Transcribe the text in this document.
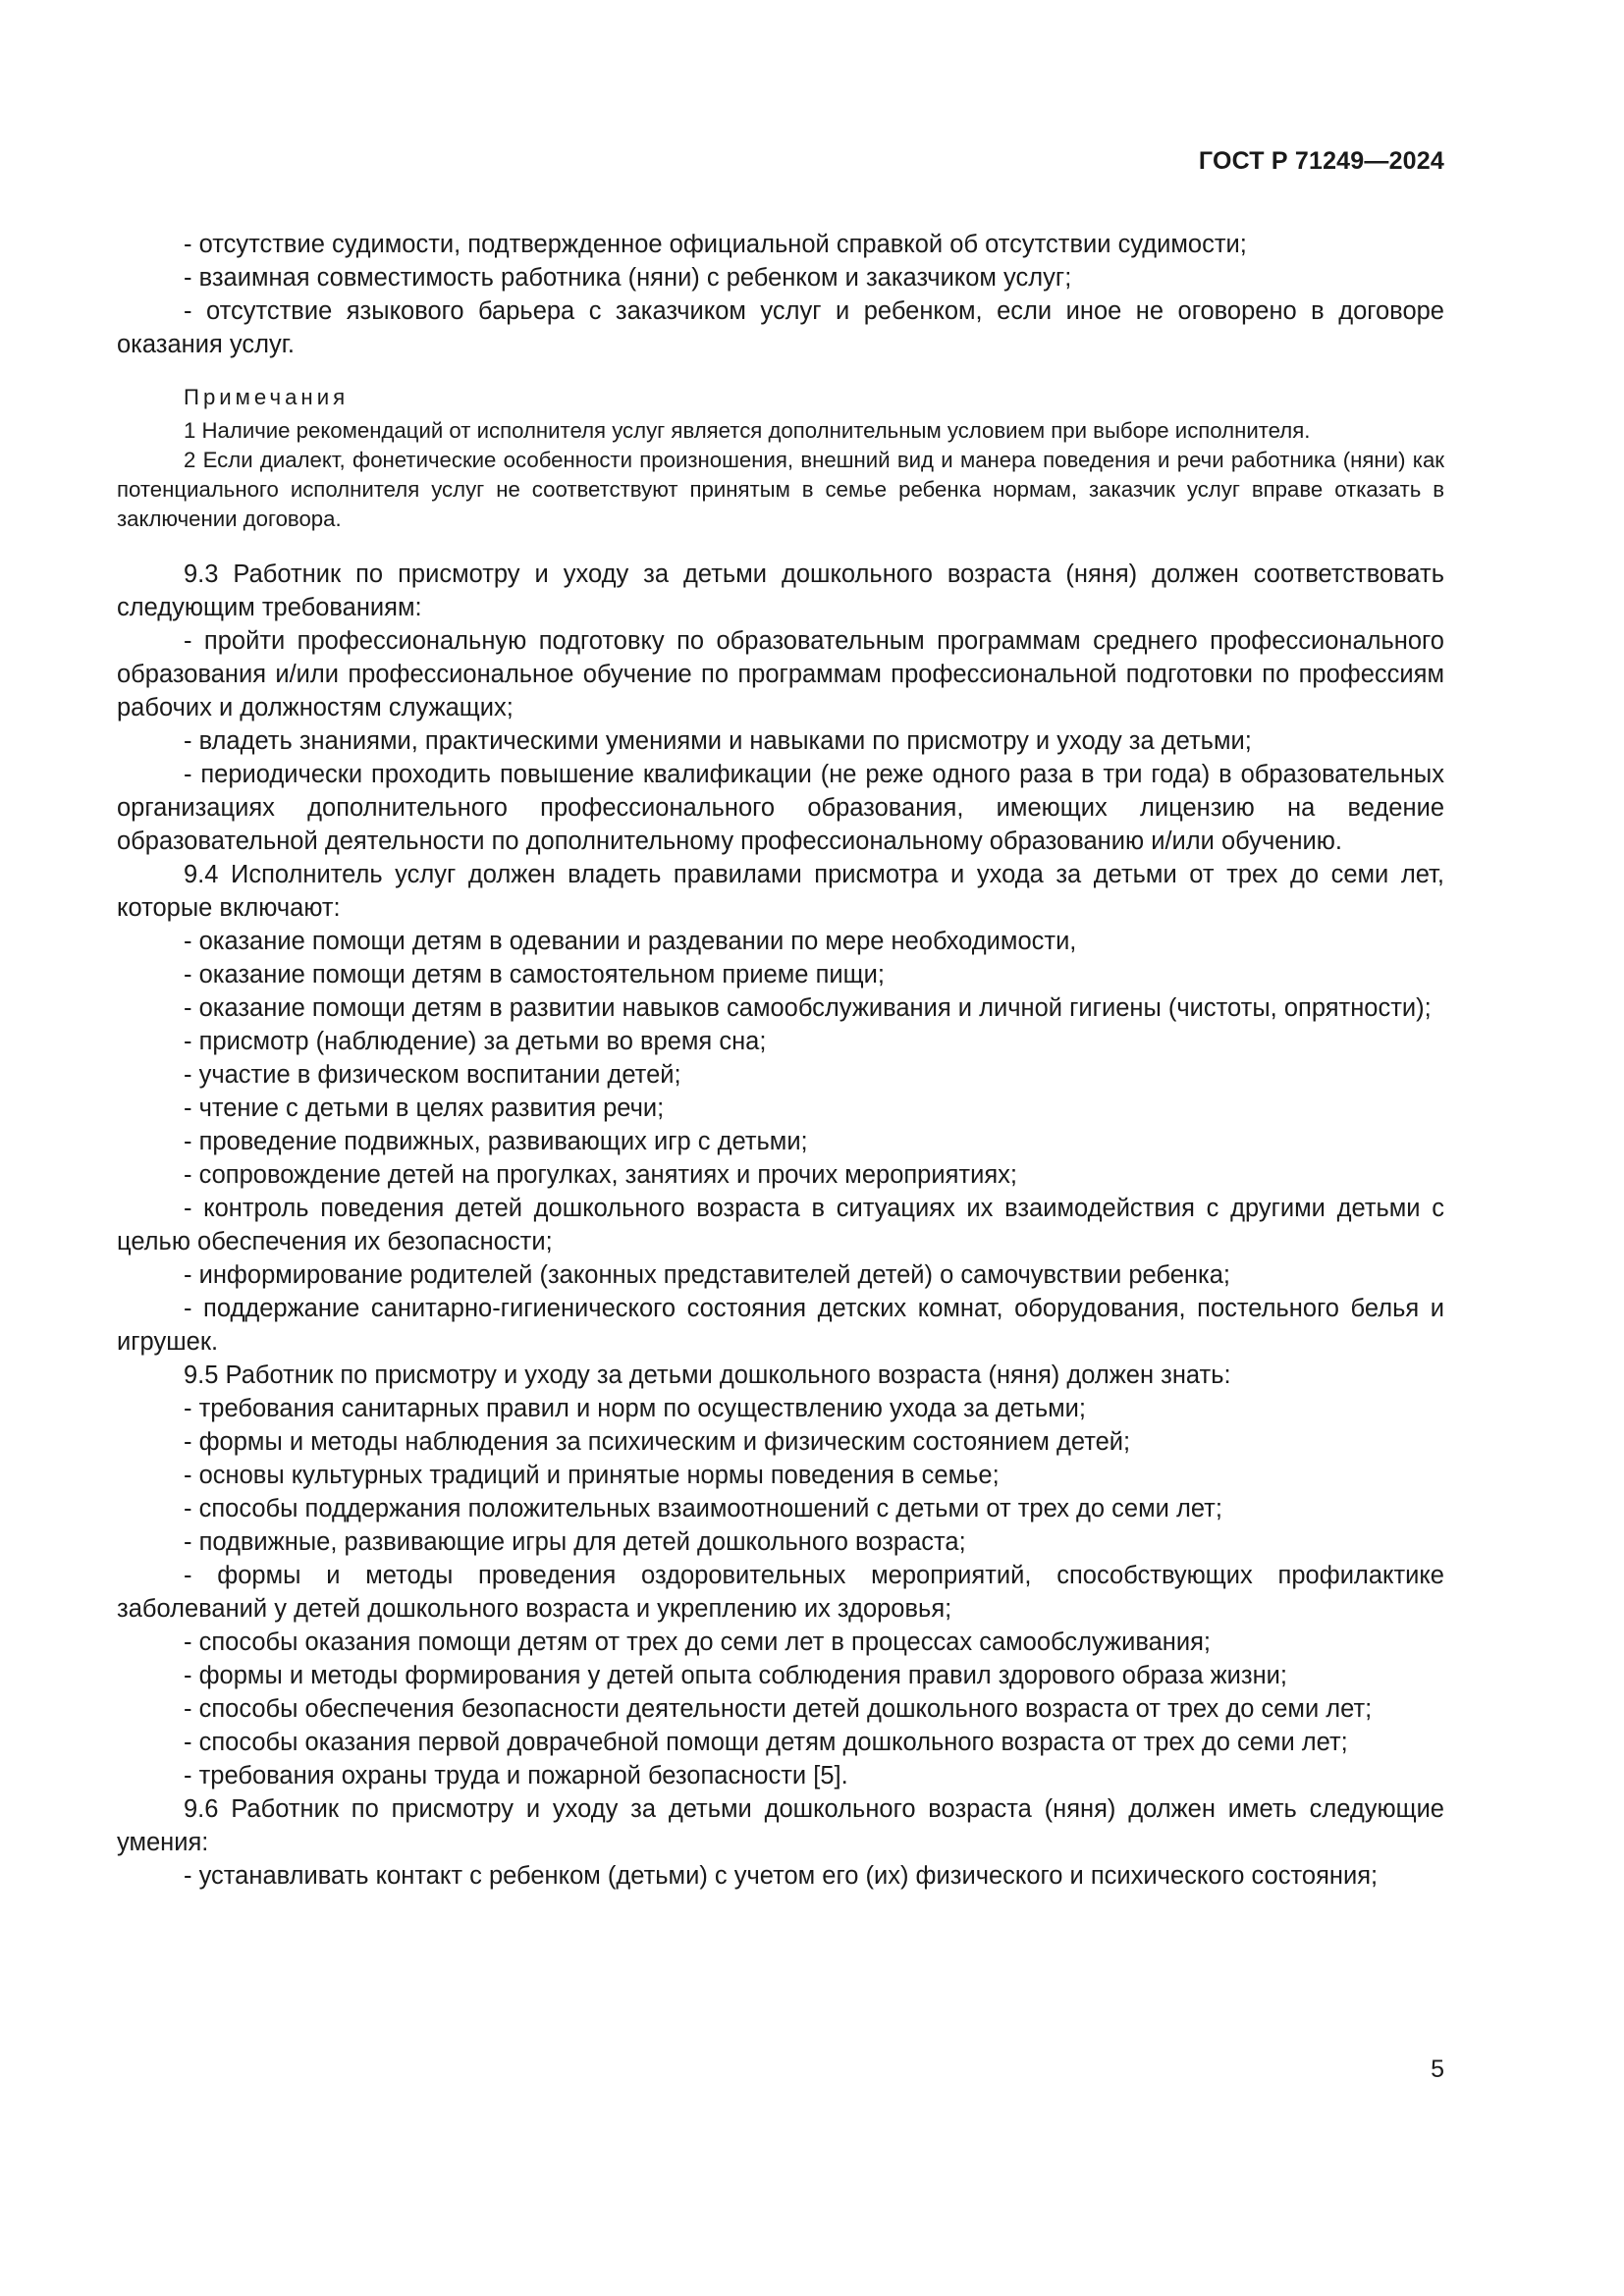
ГОСТ Р 71249—2024

- отсутствие судимости, подтвержденное официальной справкой об отсутствии судимости;

- взаимная совместимость работника (няни) с ребенком и заказчиком услуг;

- отсутствие языкового барьера с заказчиком услуг и ребенком, если иное не оговорено в договоре оказания услуг.

Примечания

1 Наличие рекомендаций от исполнителя услуг является дополнительным условием при выборе исполнителя.

2 Если диалект, фонетические особенности произношения, внешний вид и манера поведения и речи работника (няни) как потенциального исполнителя услуг не соответствуют принятым в семье ребенка нормам, заказчик услуг вправе отказать в заключении договора.

9.3 Работник по присмотру и уходу за детьми дошкольного возраста (няня) должен соответствовать следующим требованиям:

- пройти профессиональную подготовку по образовательным программам среднего профессионального образования и/или профессиональное обучение по программам профессиональной подготовки по профессиям рабочих и должностям служащих;

- владеть знаниями, практическими умениями и навыками по присмотру и уходу за детьми;

- периодически проходить повышение квалификации (не реже одного раза в три года) в образовательных организациях дополнительного профессионального образования, имеющих лицензию на ведение образовательной деятельности по дополнительному профессиональному образованию и/или обучению.

9.4 Исполнитель услуг должен владеть правилами присмотра и ухода за детьми от трех до семи лет, которые включают:

- оказание помощи детям в одевании и раздевании по мере необходимости,

- оказание помощи детям в самостоятельном приеме пищи;

- оказание помощи детям в развитии навыков самообслуживания и личной гигиены (чистоты, опрятности);

- присмотр (наблюдение) за детьми во время сна;

- участие в физическом воспитании детей;

- чтение с детьми в целях развития речи;

- проведение подвижных, развивающих игр с детьми;

- сопровождение детей на прогулках, занятиях и прочих мероприятиях;

- контроль поведения детей дошкольного возраста в ситуациях их взаимодействия с другими детьми с целью обеспечения их безопасности;

- информирование родителей (законных представителей детей) о самочувствии ребенка;

- поддержание санитарно-гигиенического состояния детских комнат, оборудования, постельного белья и игрушек.

9.5 Работник по присмотру и уходу за детьми дошкольного возраста (няня) должен знать:

- требования санитарных правил и норм по осуществлению ухода за детьми;

- формы и методы наблюдения за психическим и физическим состоянием детей;

- основы культурных традиций и принятые нормы поведения в семье;

- способы поддержания положительных взаимоотношений с детьми от трех до семи лет;

- подвижные, развивающие игры для детей дошкольного возраста;

- формы и методы проведения оздоровительных мероприятий, способствующих профилактике заболеваний у детей дошкольного возраста и укреплению их здоровья;

- способы оказания помощи детям от трех до семи лет в процессах самообслуживания;

- формы и методы формирования у детей опыта соблюдения правил здорового образа жизни;

- способы обеспечения безопасности деятельности детей дошкольного возраста от трех до семи лет;

- способы оказания первой доврачебной помощи детям дошкольного возраста от трех до семи лет;

- требования охраны труда и пожарной безопасности [5].

9.6 Работник по присмотру и уходу за детьми дошкольного возраста (няня) должен иметь следующие умения:

- устанавливать контакт с ребенком (детьми) с учетом его (их) физического и психического состояния;

5
